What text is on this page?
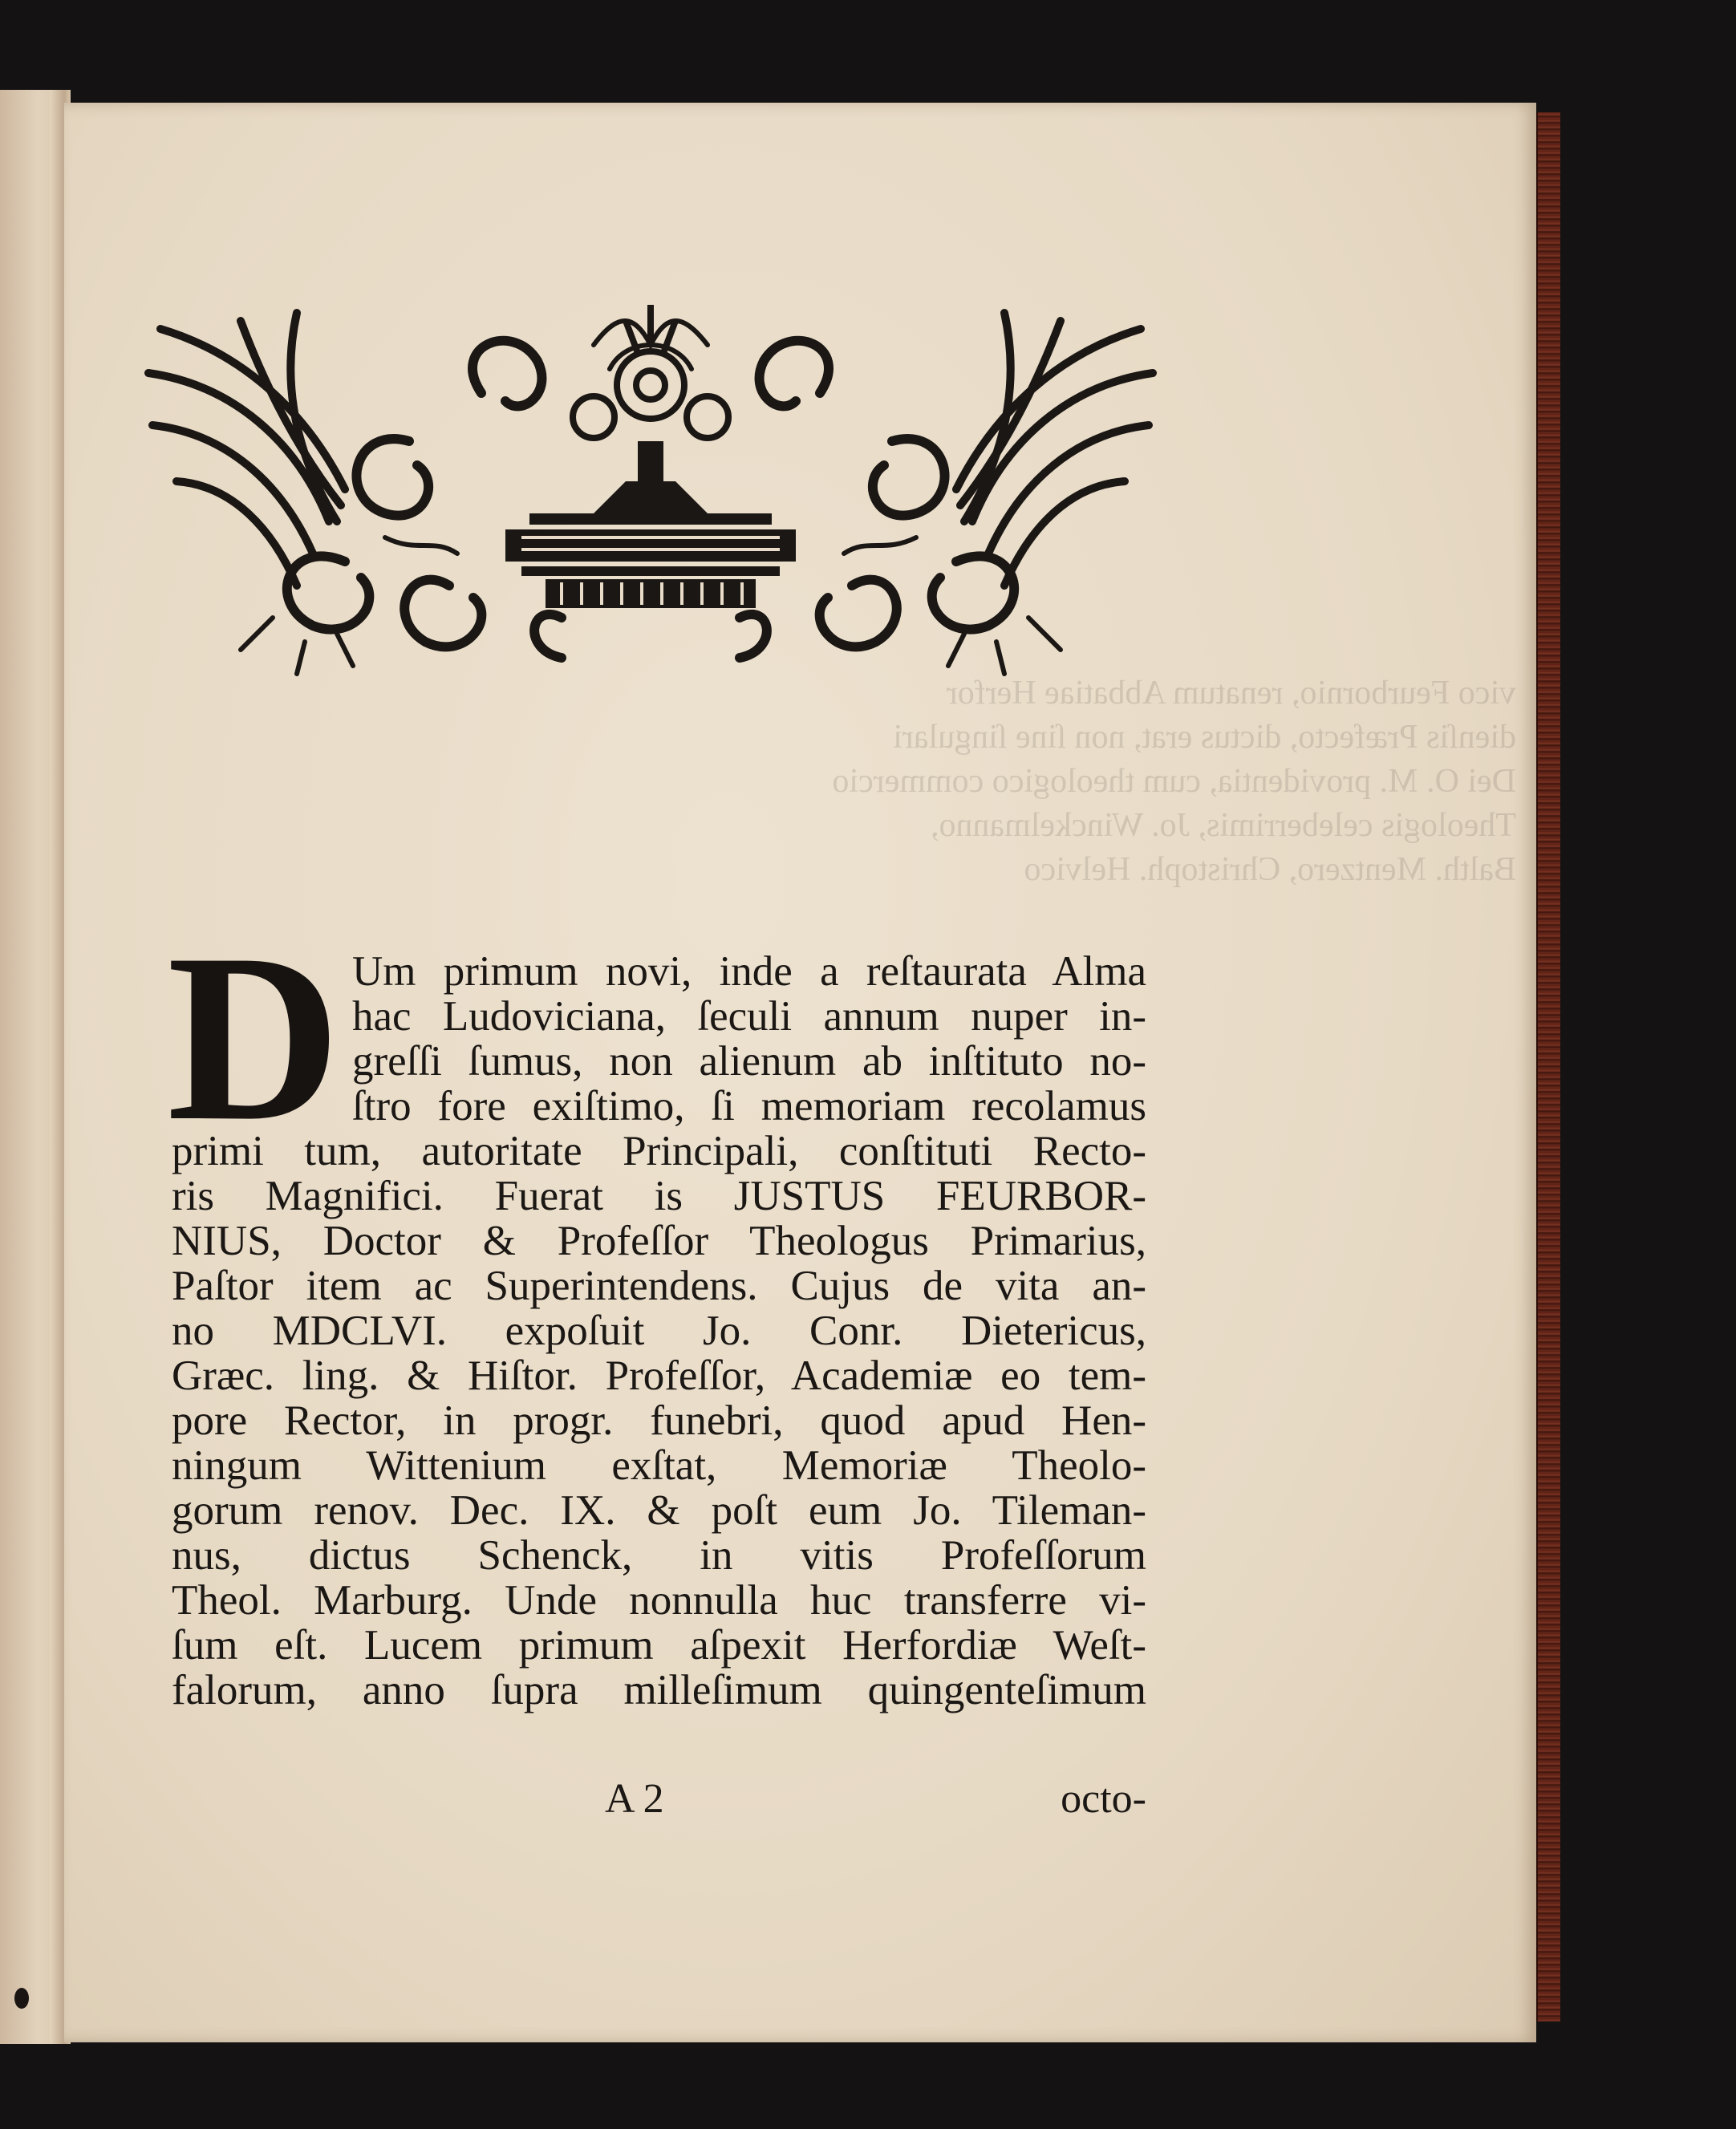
vico Feurbornio, renatum Abbatiae Herfor
dienſis Præfecto, dictus erat, non ſine ſingulari
Dei O. M. providentia, cum theologico commercio
Theologis celeberrimis, Jo. Winckelmanno,
Balth. Mentzero, Christoph. Helvico
D Um primum novi, inde a reſtaurata Alma
hac Ludoviciana, ſeculi annum nuper in-
greſſi ſumus, non alienum ab inſtituto no-
ſtro fore exiſtimo, ſi memoriam recolamus
primi tum, autoritate Principali, conſtituti Recto-
ris Magnifici. Fuerat is JUSTUS FEURBOR-
NIUS, Doctor & Profeſſor Theologus Primarius,
Paſtor item ac Superintendens. Cujus de vita an-
no MDCLVI. expoſuit Jo. Conr. Dietericus,
Græc. ling. & Hiſtor. Profeſſor, Academiæ eo tem-
pore Rector, in progr. funebri, quod apud Hen-
ningum Wittenium exſtat, Memoriæ Theolo-
gorum renov. Dec. IX. & poſt eum Jo. Tileman-
nus, dictus Schenck, in vitis Profeſſorum
Theol. Marburg. Unde nonnulla huc transferre vi-
ſum eſt. Lucem primum aſpexit Herfordiæ Weſt-
falorum, anno ſupra milleſimum quingenteſimum
A 2	octo-
